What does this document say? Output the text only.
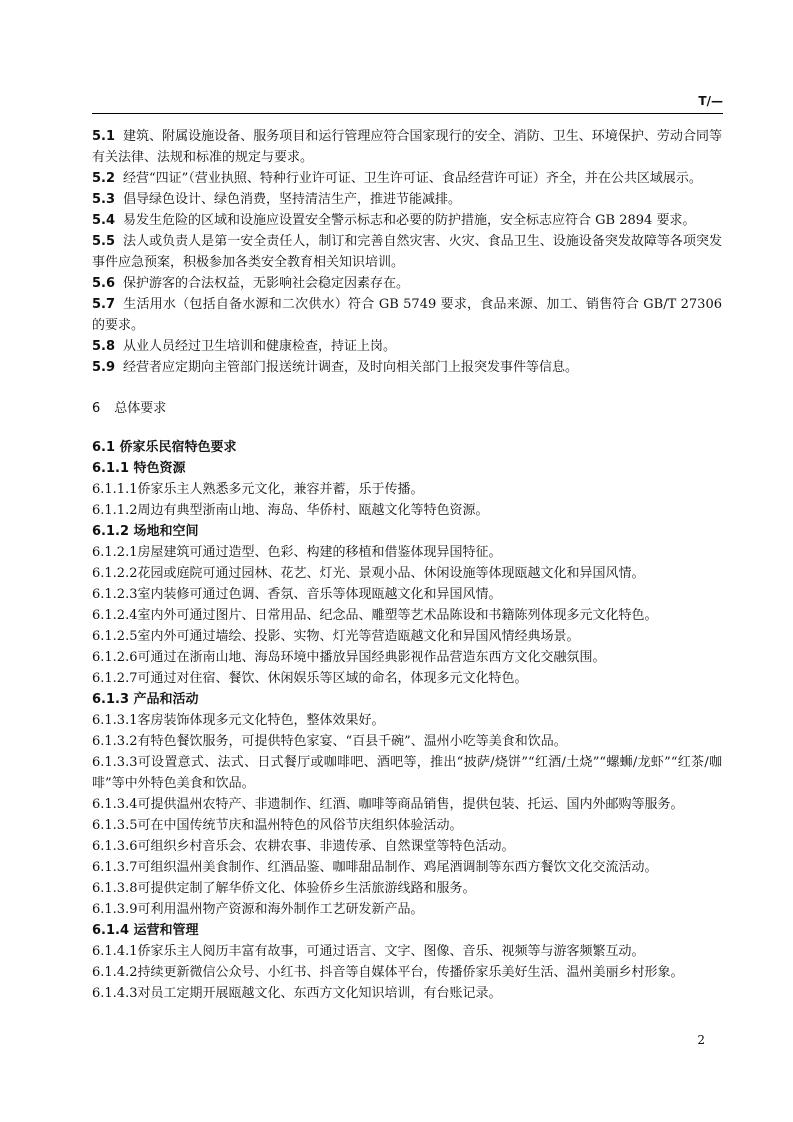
T/—
5.1 建筑、附属设施设备、服务项目和运行管理应符合国家现行的安全、消防、卫生、环境保护、劳动合同等有关法律、法规和标准的规定与要求。
5.2 经营“四证”（营业执照、特种行业许可证、卫生许可证、食品经营许可证）齐全，并在公共区域展示。
5.3 倡导绿色设计、绿色消费，坚持清洁生产，推进节能减排。
5.4 易发生危险的区域和设施应设置安全警示标志和必要的防护措施，安全标志应符合 GB 2894 要求。
5.5 法人或负责人是第一安全责任人，制订和完善自然灾害、火灾、食品卫生、设施设备突发故障等各项突发事件应急预案，积极参加各类安全教育相关知识培训。
5.6 保护游客的合法权益，无影响社会稳定因素存在。
5.7 生活用水（包括自备水源和二次供水）符合 GB 5749 要求，食品来源、加工、销售符合 GB/T 27306 的要求。
5.8 从业人员经过卫生培训和健康检查，持证上岗。
5.9 经营者应定期向主管部门报送统计调查，及时向相关部门上报突发事件等信息。
6 总体要求
6.1 侨家乐民宿特色要求
6.1.1 特色资源
6.1.1.1侨家乐主人熟悉多元文化，兼容并蓄，乐于传播。
6.1.1.2周边有典型浙南山地、海岛、华侨村、瓯越文化等特色资源。
6.1.2 场地和空间
6.1.2.1房屋建筑可通过造型、色彩、构建的移植和借鉴体现异国特征。
6.1.2.2花园或庭院可通过园林、花艺、灯光、景观小品、休闲设施等体现瓯越文化和异国风情。
6.1.2.3室内装修可通过色调、香氛、音乐等体现瓯越文化和异国风情。
6.1.2.4室内外可通过图片、日常用品、纪念品、雕塑等艺术品陈设和书籍陈列体现多元文化特色。
6.1.2.5室内外可通过墙绘、投影、实物、灯光等营造瓯越文化和异国风情经典场景。
6.1.2.6可通过在浙南山地、海岛环境中播放异国经典影视作品营造东西方文化交融氛围。
6.1.2.7可通过对住宿、餐饮、休闲娱乐等区域的命名，体现多元文化特色。
6.1.3 产品和活动
6.1.3.1客房装饰体现多元文化特色，整体效果好。
6.1.3.2有特色餐饮服务，可提供特色家宴、“百县千碗”、温州小吃等美食和饮品。
6.1.3.3可设置意式、法式、日式餐厅或咖啡吧、酒吧等，推出“披萨/烧饼”“红酒/土烧”“螺蛳/龙虾”“红茶/咖啡”等中外特色美食和饮品。
6.1.3.4可提供温州农特产、非遗制作、红酒、咖啡等商品销售，提供包装、托运、国内外邮购等服务。
6.1.3.5可在中国传统节庆和温州特色的风俗节庆组织体验活动。
6.1.3.6可组织乡村音乐会、农耕农事、非遗传承、自然课堂等特色活动。
6.1.3.7可组织温州美食制作、红酒品鉴、咖啡甜品制作、鸡尾酒调制等东西方餐饮文化交流活动。
6.1.3.8可提供定制了解华侨文化、体验侨乡生活旅游线路和服务。
6.1.3.9可利用温州物产资源和海外制作工艺研发新产品。
6.1.4 运营和管理
6.1.4.1侨家乐主人阅历丰富有故事，可通过语言、文字、图像、音乐、视频等与游客频繁互动。
6.1.4.2持续更新微信公众号、小红书、抖音等自媒体平台，传播侨家乐美好生活、温州美丽乡村形象。
6.1.4.3对员工定期开展瓯越文化、东西方文化知识培训，有台账记录。
2
